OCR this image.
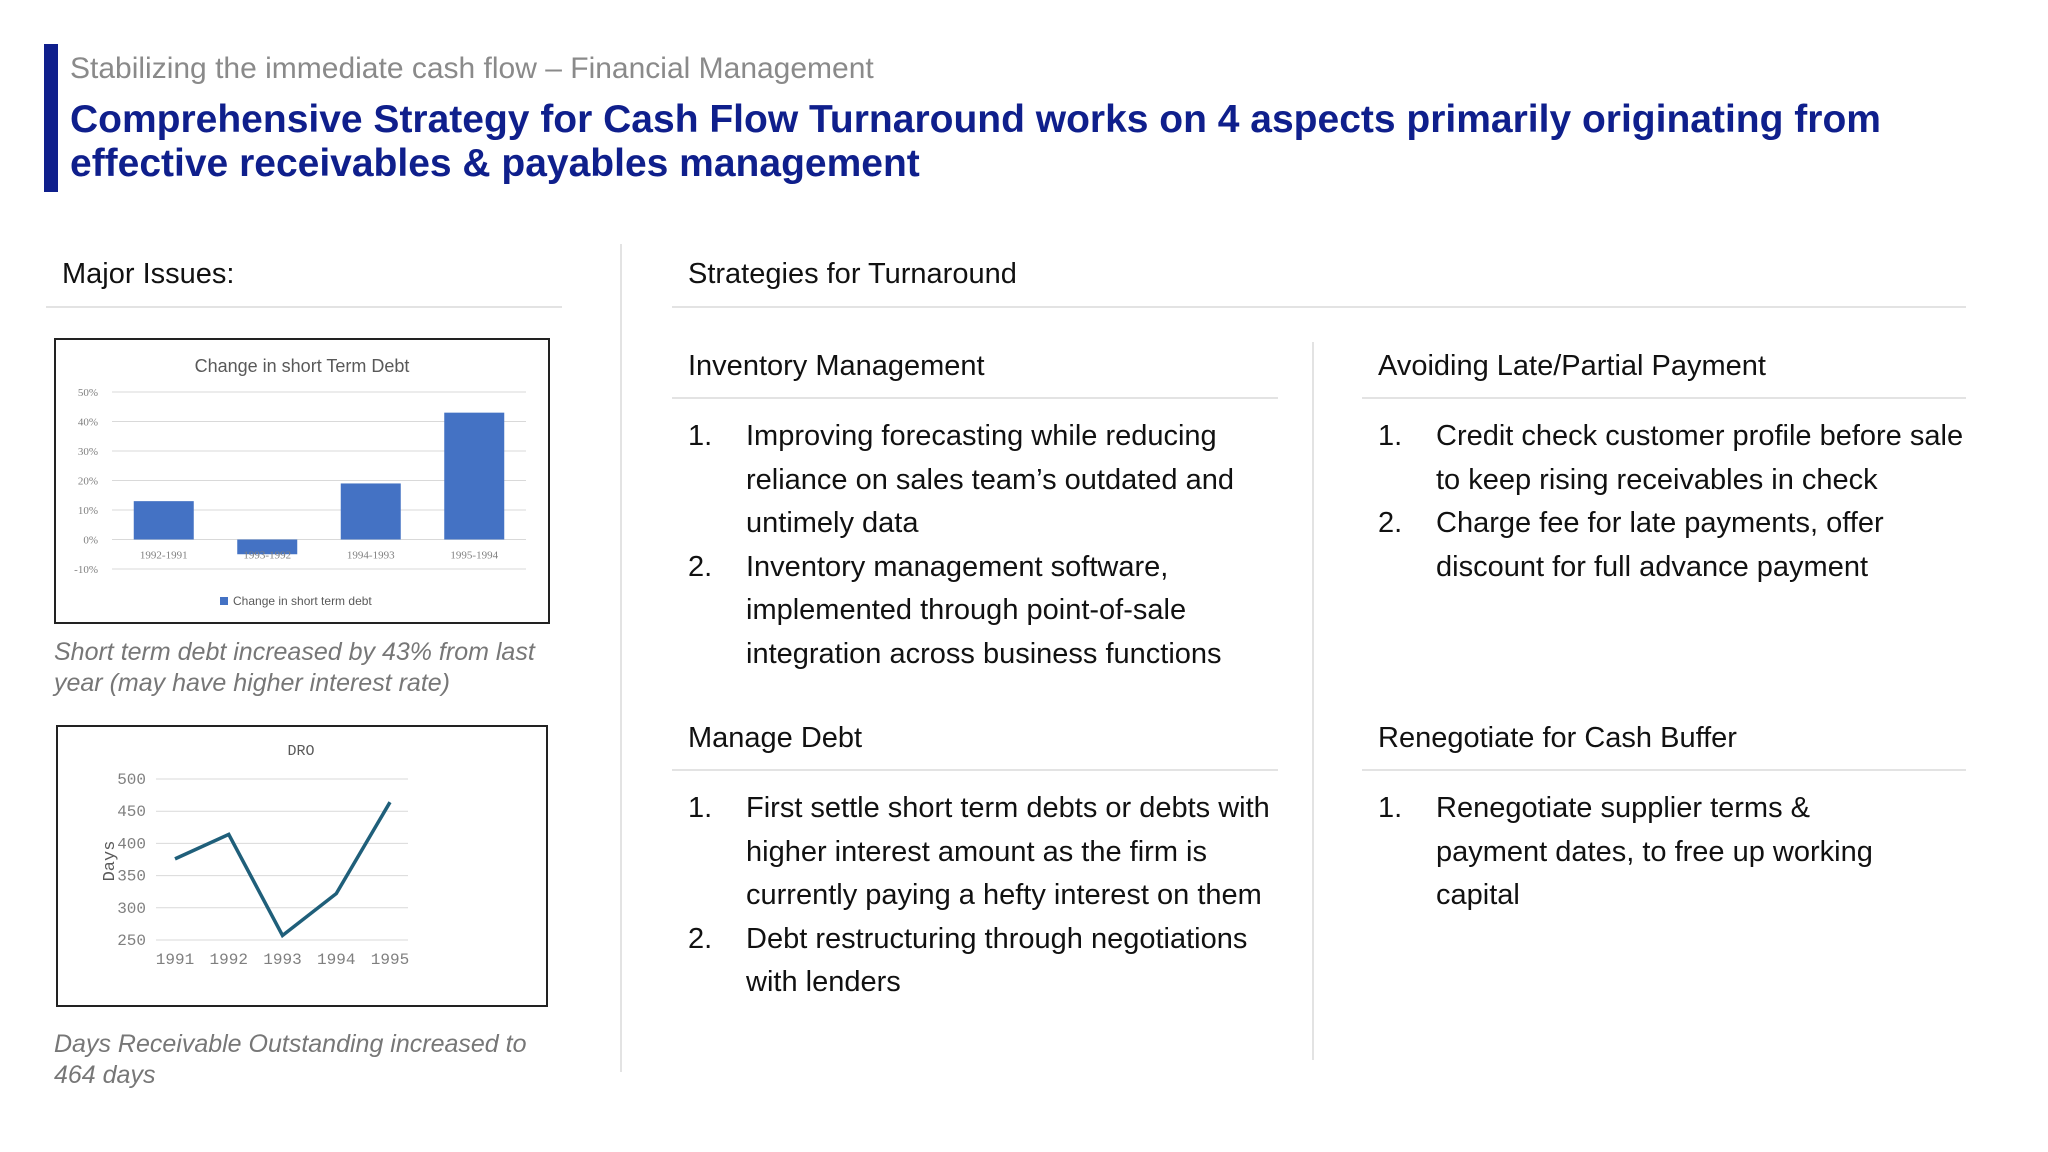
Stabilizing the immediate cash flow – Financial Management
Comprehensive Strategy for Cash Flow Turnaround works on 4 aspects primarily originating from effective receivables & payables management
Major Issues:
Change in short Term Debt
-10%
0%
10%
20%
30%
40%
50%
1992-1991	1993-1992	1994-1993	1995-1994
Change in short term debt
Short term debt increased by 43% from last year (may have higher interest rate)
DRO
Days
250
300
350
400
450
500
1991 1992 1993 1994 1995
Days Receivable Outstanding increased to 464 days
Strategies for Turnaround
Inventory Management
1.	Improving forecasting while reducing reliance on sales team’s outdated and untimely data
2.	Inventory management software, implemented through point-of-sale integration across business functions
Avoiding Late/Partial Payment
1.	Credit check customer profile before sale to keep rising receivables in check
2.	Charge fee for late payments, offer discount for full advance payment
Manage Debt
1.	First settle short term debts or debts with higher interest amount as the firm is currently paying a hefty interest on them
2.	Debt restructuring through negotiations with lenders
Renegotiate for Cash Buffer
1.	Renegotiate supplier terms & payment dates, to free up working capital
